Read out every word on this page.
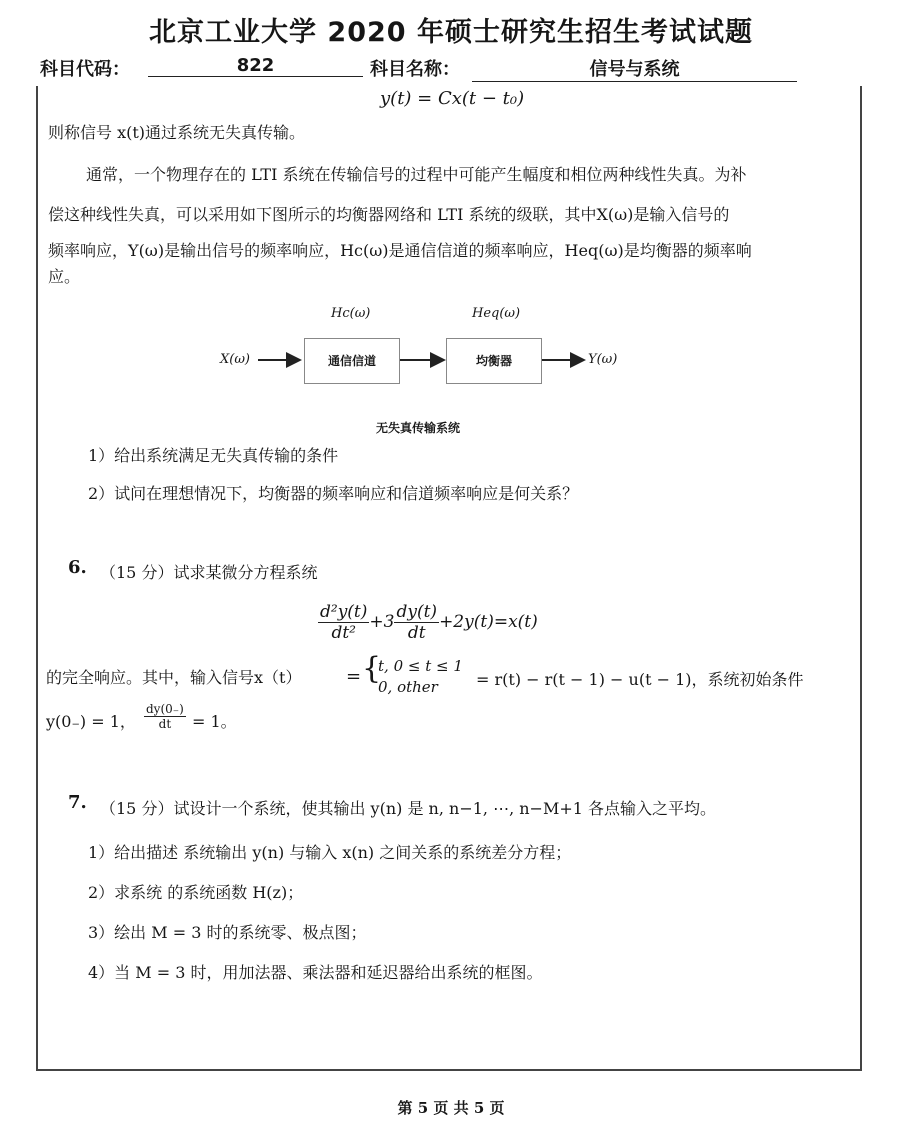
北京工业大学 2020 年硕士研究生招生考试试题
科目代码：	822	科目名称：	信号与系统
y(t) = Cx(t − t₀)
则称信号 x(t)通过系统无失真传输。
通常，一个物理存在的 LTI 系统在传输信号的过程中可能产生幅度和相位两种线性失真。为补
偿这种线性失真，可以采用如下图所示的均衡器网络和 LTI 系统的级联，其中X(ω)是输入信号的
频率响应，Y(ω)是输出信号的频率响应，Hc(ω)是通信信道的频率响应，Heq(ω)是均衡器的频率响
应。
Hc(ω)	Heq(ω)
X(ω)	通信信道	均衡器	Y(ω)
无失真传输系统
1）给出系统满足无失真传输的条件
2）试问在理想情况下，均衡器的频率响应和信道频率响应是何关系？
6. （15 分）试求某微分方程系统
$\frac{\text{d²y(t)}}{\text{dt²}} +3 \frac{dy(t)}{dt} +2y(t)=x(t)$
的完全响应。其中，输入信号x（t） = {
t, 0 ≤ t ≤ 1
0, other = r(t) − r(t − 1) − u(t − 1)，系统初始条件
y(0₋) = 1， $\frac{dy(0_-)}{dt} = 1$。
7. （15 分）试设计一个系统，使其输出 y(n) 是 n, n−1, ⋯, n−M+1 各点输入之平均。
1）给出描述 系统输出 y(n) 与输入 x(n) 之间关系的系统差分方程；
2）求系统 的系统函数 H(z)；
3）绘出 M = 3 时的系统零、极点图；
4）当 M = 3 时，用加法器、乘法器和延迟器给出系统的框图。
第 5 页 共 5 页
